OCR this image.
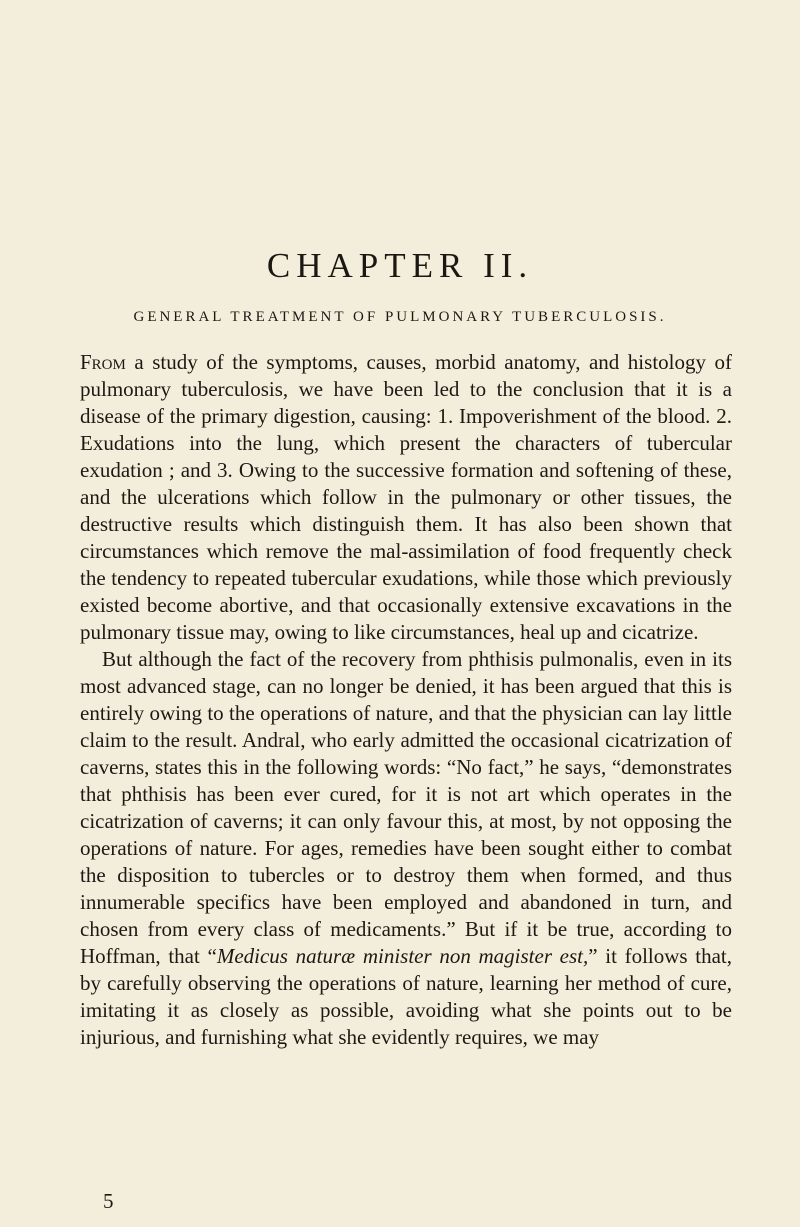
CHAPTER II.
GENERAL TREATMENT OF PULMONARY TUBERCULOSIS.

From a study of the symptoms, causes, morbid anatomy, and histology of pulmonary tuberculosis, we have been led to the conclusion that it is a disease of the primary digestion, causing: 1. Impoverishment of the blood. 2. Exudations into the lung, which present the characters of tubercular exudation ; and 3. Owing to the successive formation and softening of these, and the ulcerations which follow in the pulmonary or other tissues, the destructive results which distinguish them. It has also been shown that circumstances which remove the mal-assimilation of food frequently check the tendency to repeated tubercular exudations, while those which previously existed become abortive, and that occasionally extensive excavations in the pulmonary tissue may, owing to like circumstances, heal up and cicatrize.

But although the fact of the recovery from phthisis pulmonalis, even in its most advanced stage, can no longer be denied, it has been argued that this is entirely owing to the operations of nature, and that the physician can lay little claim to the result. Andral, who early admitted the occasional cicatrization of caverns, states this in the following words: “No fact,” he says, “demonstrates that phthisis has been ever cured, for it is not art which operates in the cicatrization of caverns; it can only favour this, at most, by not opposing the operations of nature. For ages, remedies have been sought either to combat the disposition to tubercles or to destroy them when formed, and thus innumerable specifics have been employed and abandoned in turn, and chosen from every class of medicaments.” But if it be true, according to Hoffman, that “Medicus naturæ minister non magister est,” it follows that, by carefully observing the operations of nature, learning her method of cure, imitating it as closely as possible, avoiding what she points out to be injurious, and furnishing what she evidently requires, we may

5
